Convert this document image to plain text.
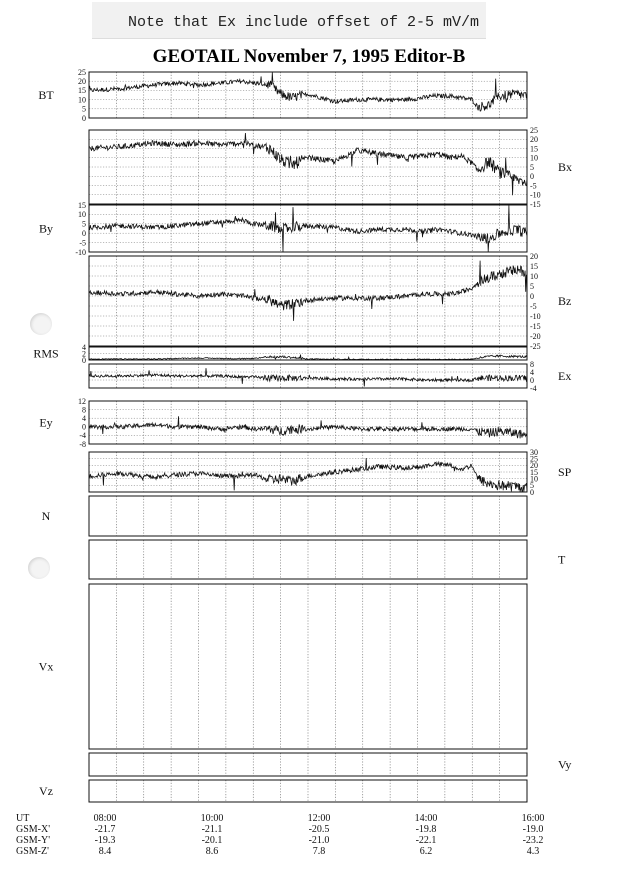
Note that Ex include offset of 2-5 mV/m
GEOTAIL November 7, 1995 Editor-B
25
20
15
10
5
0
BT
25
20
15
10
5
0
-5
-10
-15
Bx
15
10
5
0
-5
-10
By
20
15
10
5
0
-5
-10
-15
-20
-25
Bz
4
2
0
RMS
8
4
0
-4
Ex
12
8
4
0
-4
-8
Ey
30
25
20
15
10
5
0
SP
N
T
Vx
Vy
Vz
UT
GSM-X'
GSM-Y'
GSM-Z'
08:00
-21.7
-19.3
8.4
10:00
-21.1
-20.1
8.6
12:00
-20.5
-21.0
7.8
14:00
-19.8
-22.1
6.2
16:00
-19.0
-23.2
4.3
